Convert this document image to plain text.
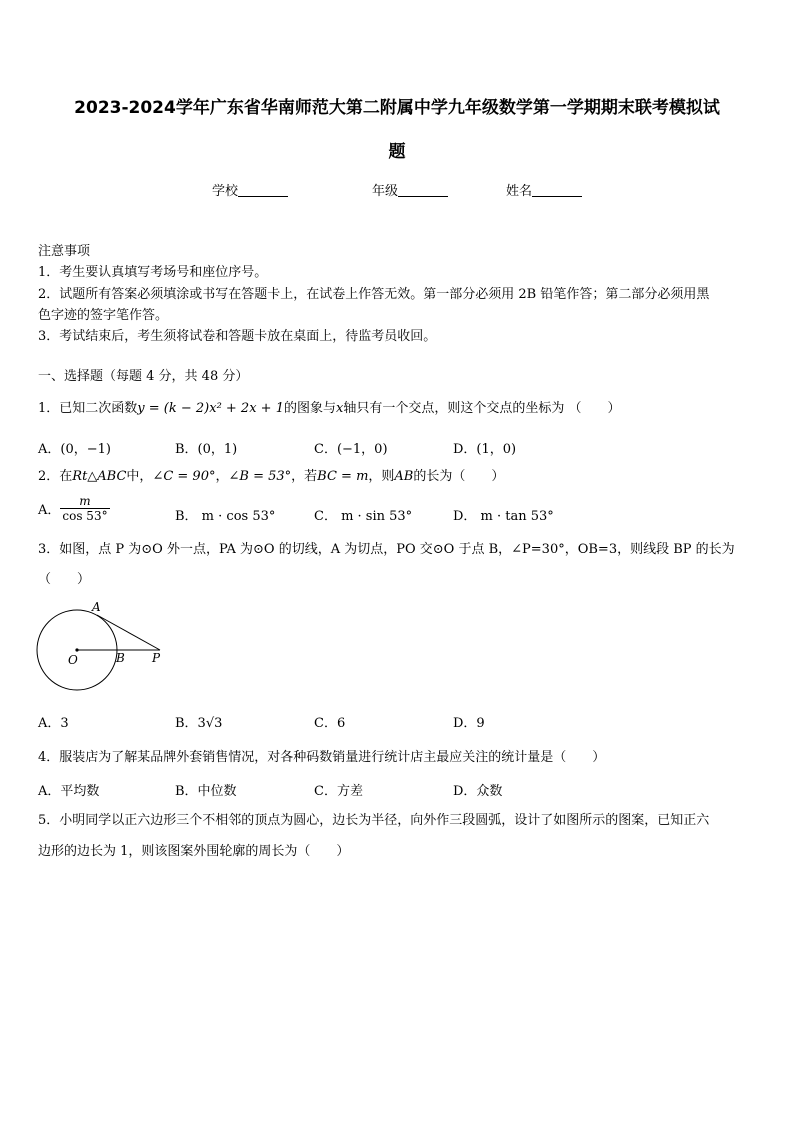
2023-2024学年广东省华南师范大第二附属中学九年级数学第一学期期末联考模拟试
题
学校	年级	姓名
注意事项
1．考生要认真填写考场号和座位序号。
2．试题所有答案必须填涂或书写在答题卡上，在试卷上作答无效。第一部分必须用 2B 铅笔作答；第二部分必须用黑
色字迹的签字笔作答。
3．考试结束后，考生须将试卷和答题卡放在桌面上，待监考员收回。
一、选择题（每题 4 分，共 48 分）
1．已知二次函数y = (k − 2)x² + 2x + 1的图象与x轴只有一个交点，则这个交点的坐标为 （　　）
A．(0，−1)	B．(0，1)	C．(−1，0)	D．(1，0)
2．在Rt△ABC中，∠C = 90°，∠B = 53°，若BC = m，则AB的长为（　　）
A． $\frac{m}{\cos 53^\circ}$	B． m · cos 53°	C． m · sin 53°	D． m · tan 53°
3．如图，点 P 为⊙O 外一点，PA 为⊙O 的切线，A 为切点，PO 交⊙O 于点 B，∠P=30°，OB=3，则线段 BP 的长为
（　　）
A
O	B P
A．3	B．3√3	C．6	D．9
4．服装店为了解某品牌外套销售情况，对各种码数销量进行统计店主最应关注的统计量是（　　）
A．平均数	B．中位数	C．方差	D．众数
5．小明同学以正六边形三个不相邻的顶点为圆心，边长为半径，向外作三段圆弧，设计了如图所示的图案，已知正六
边形的边长为 1，则该图案外围轮廓的周长为（　　）
